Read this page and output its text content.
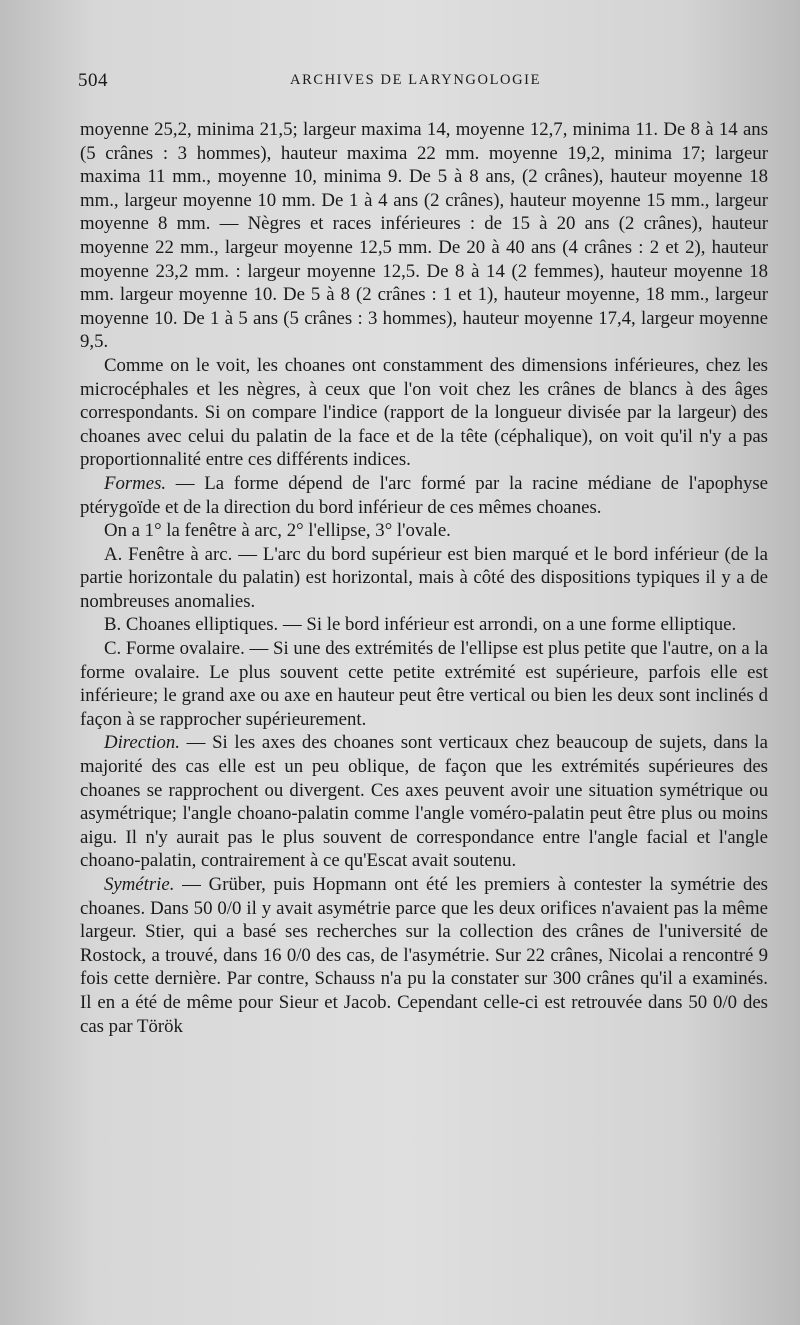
504	ARCHIVES DE LARYNGOLOGIE

moyenne 25,2, minima 21,5; largeur maxima 14, moyenne 12,7, minima 11. De 8 à 14 ans (5 crânes : 3 hommes), hauteur maxima 22 mm. moyenne 19,2, minima 17; largeur maxima 11 mm., moyenne 10, minima 9. De 5 à 8 ans, (2 crânes), hauteur moyenne 18 mm., largeur moyenne 10 mm. De 1 à 4 ans (2 crânes), hauteur moyenne 15 mm., largeur moyenne 8 mm. — Nègres et races inférieures : de 15 à 20 ans (2 crânes), hauteur moyenne 22 mm., largeur moyenne 12,5 mm. De 20 à 40 ans (4 crânes : 2 et 2), hauteur moyenne 23,2 mm. : largeur moyenne 12,5. De 8 à 14 (2 femmes), hauteur moyenne 18 mm. largeur moyenne 10. De 5 à 8 (2 crânes : 1 et 1), hauteur moyenne, 18 mm., largeur moyenne 10. De 1 à 5 ans (5 crânes : 3 hommes), hauteur moyenne 17,4, largeur moyenne 9,5.

Comme on le voit, les choanes ont constamment des dimensions inférieures, chez les microcéphales et les nègres, à ceux que l'on voit chez les crânes de blancs à des âges correspondants. Si on compare l'indice (rapport de la longueur divisée par la largeur) des choanes avec celui du palatin de la face et de la tête (céphalique), on voit qu'il n'y a pas proportionnalité entre ces différents indices.

Formes. — La forme dépend de l'arc formé par la racine médiane de l'apophyse ptérygoïde et de la direction du bord inférieur de ces mêmes choanes.

On a 1° la fenêtre à arc, 2° l'ellipse, 3° l'ovale.

A. Fenêtre à arc. — L'arc du bord supérieur est bien marqué et le bord inférieur (de la partie horizontale du palatin) est horizontal, mais à côté des dispositions typiques il y a de nombreuses anomalies.

B. Choanes elliptiques. — Si le bord inférieur est arrondi, on a une forme elliptique.

C. Forme ovalaire. — Si une des extrémités de l'ellipse est plus petite que l'autre, on a la forme ovalaire. Le plus souvent cette petite extrémité est supérieure, parfois elle est inférieure; le grand axe ou axe en hauteur peut être vertical ou bien les deux sont inclinés d façon à se rapprocher supérieurement.

Direction. — Si les axes des choanes sont verticaux chez beaucoup de sujets, dans la majorité des cas elle est un peu oblique, de façon que les extrémités supérieures des choanes se rapprochent ou divergent. Ces axes peuvent avoir une situation symétrique ou asymétrique; l'angle choano-palatin comme l'angle voméro-palatin peut être plus ou moins aigu. Il n'y aurait pas le plus souvent de correspondance entre l'angle facial et l'angle choano-palatin, contrairement à ce qu'Escat avait soutenu.

Symétrie. — Grüber, puis Hopmann ont été les premiers à contester la symétrie des choanes. Dans 50 0/0 il y avait asymétrie parce que les deux orifices n'avaient pas la même largeur. Stier, qui a basé ses recherches sur la collection des crânes de l'université de Rostock, a trouvé, dans 16 0/0 des cas, de l'asymétrie. Sur 22 crânes, Nicolai a rencontré 9 fois cette dernière. Par contre, Schauss n'a pu la constater sur 300 crânes qu'il a examinés. Il en a été de même pour Sieur et Jacob. Cependant celle-ci est retrouvée dans 50 0/0 des cas par Török
